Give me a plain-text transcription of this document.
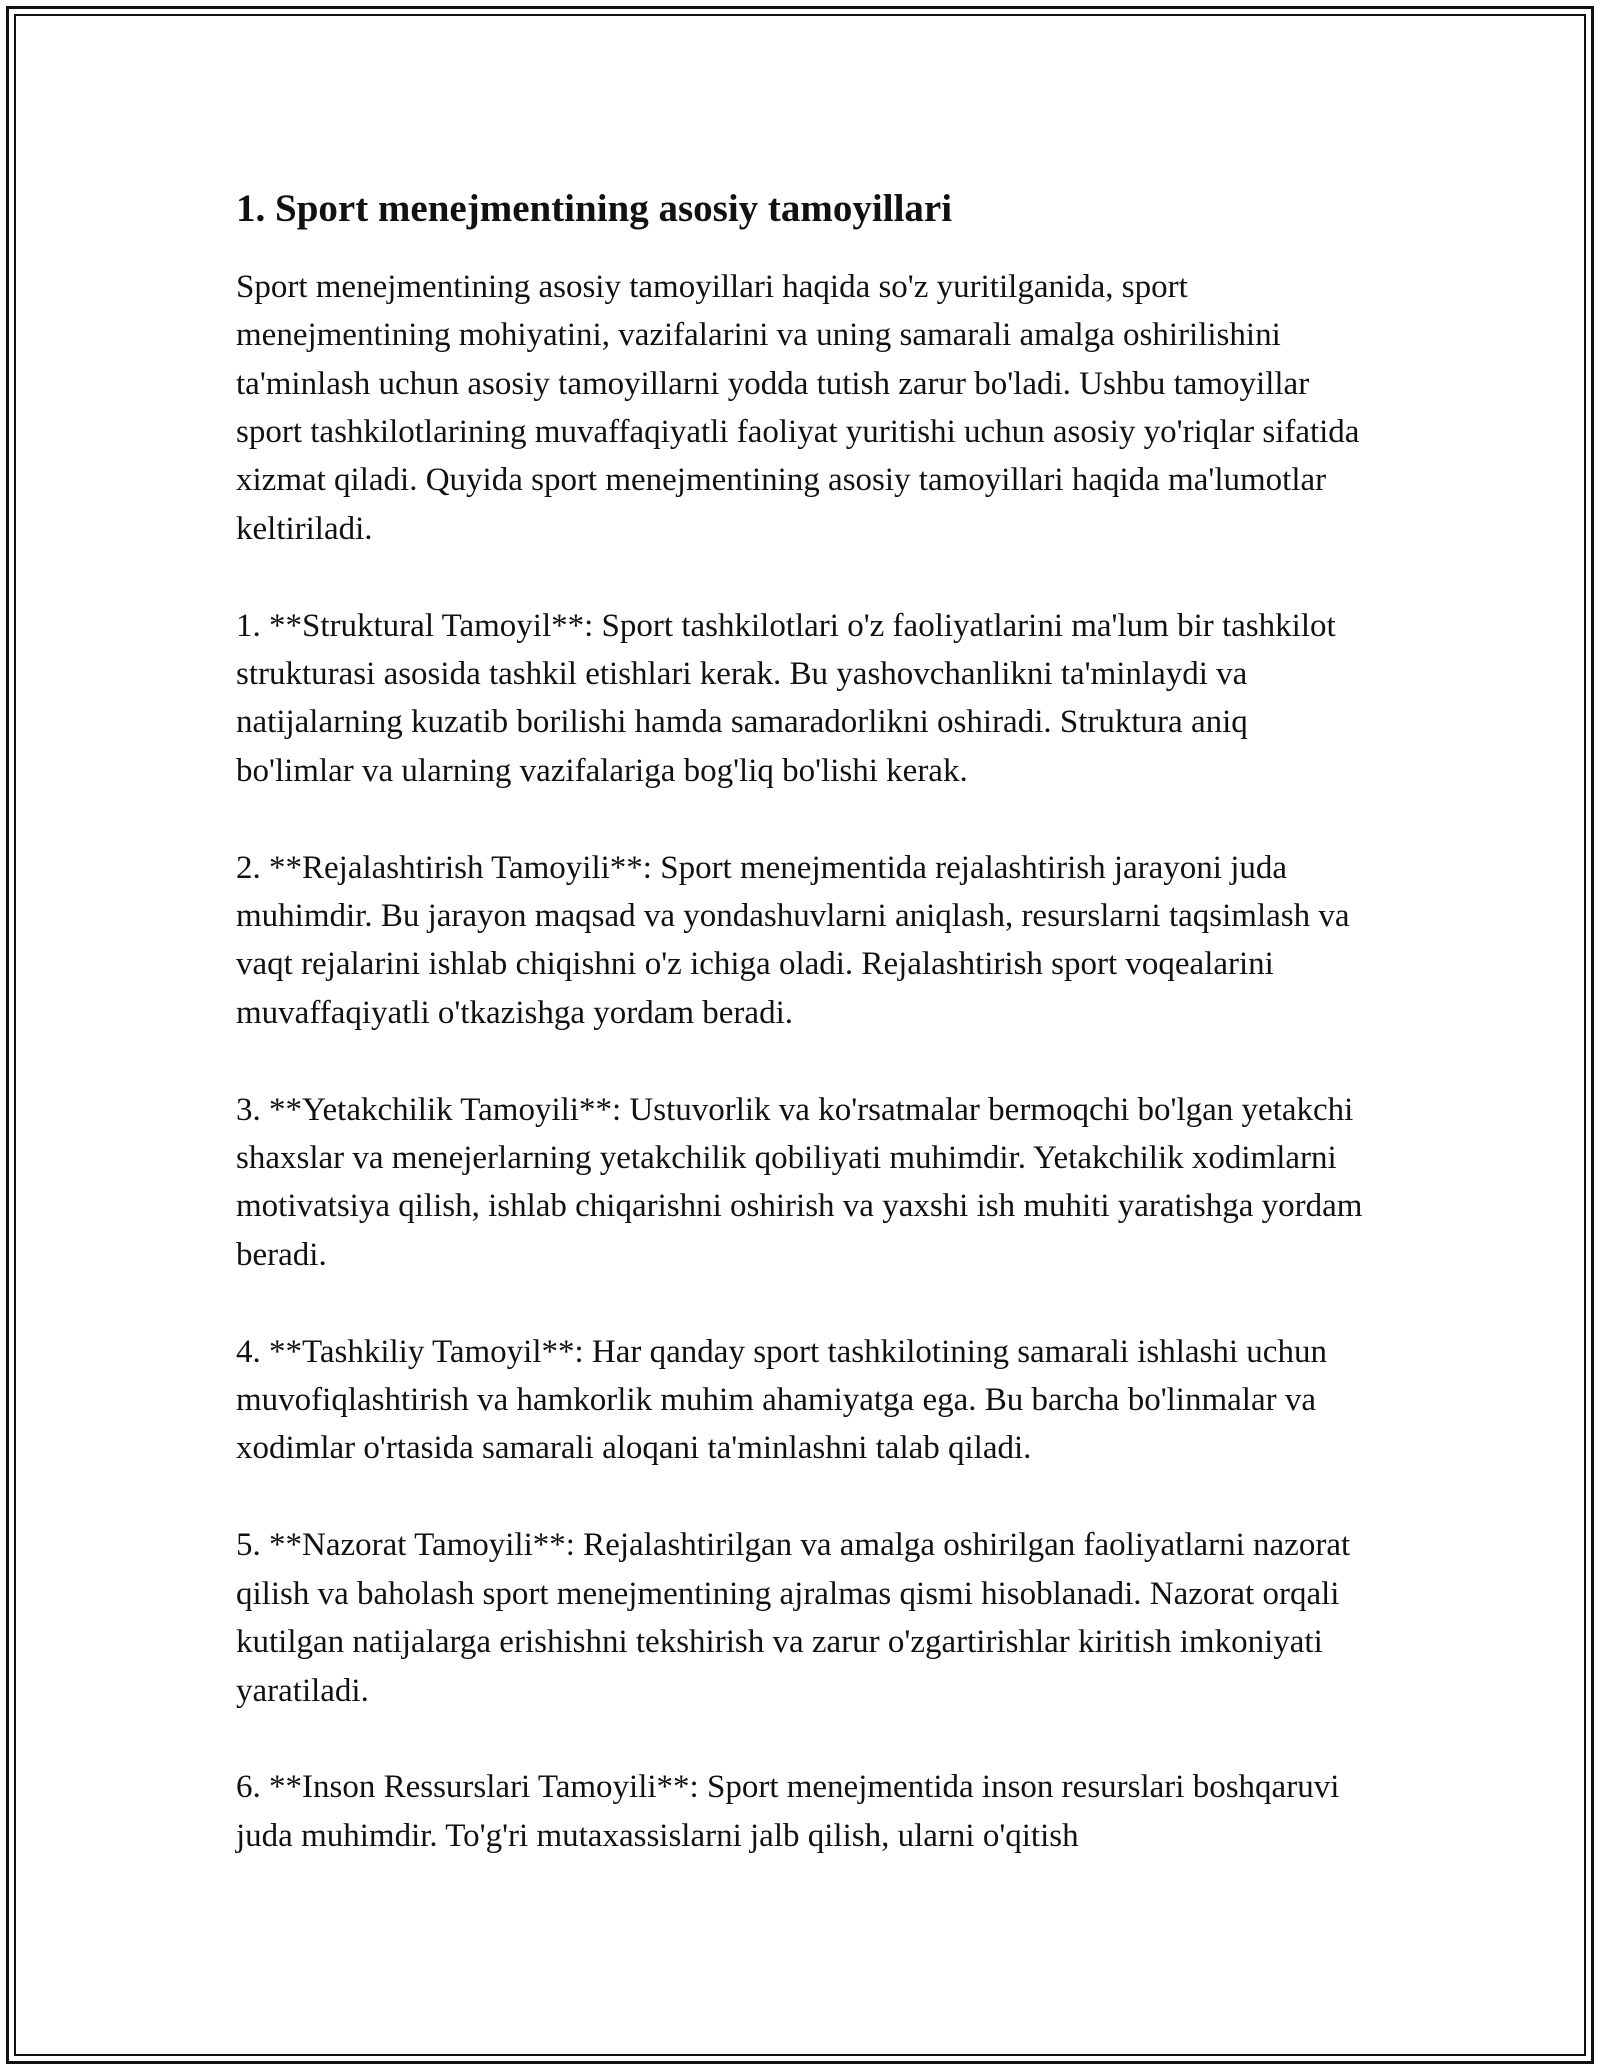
1. Sport menejmentining asosiy tamoyillari

Sport menejmentining asosiy tamoyillari haqida so'z yuritilganida, sport menejmentining mohiyatini, vazifalarini va uning samarali amalga oshirilishini ta'minlash uchun asosiy tamoyillarni yodda tutish zarur bo'ladi. Ushbu tamoyillar sport tashkilotlarining muvaffaqiyatli faoliyat yuritishi uchun asosiy yo'riqlar sifatida xizmat qiladi. Quyida sport menejmentining asosiy tamoyillari haqida ma'lumotlar keltiriladi.

1. **Struktural Tamoyil**: Sport tashkilotlari o'z faoliyatlarini ma'lum bir tashkilot strukturasi asosida tashkil etishlari kerak. Bu yashovchanlikni ta'minlaydi va natijalarning kuzatib borilishi hamda samaradorlikni oshiradi. Struktura aniq bo'limlar va ularning vazifalariga bog'liq bo'lishi kerak.

2. **Rejalashtirish Tamoyili**: Sport menejmentida rejalashtirish jarayoni juda muhimdir. Bu jarayon maqsad va yondashuvlarni aniqlash, resurslarni taqsimlash va vaqt rejalarini ishlab chiqishni o'z ichiga oladi. Rejalashtirish sport voqealarini muvaffaqiyatli o'tkazishga yordam beradi.

3. **Yetakchilik Tamoyili**: Ustuvorlik va ko'rsatmalar bermoqchi bo'lgan yetakchi shaxslar va menejerlarning yetakchilik qobiliyati muhimdir. Yetakchilik xodimlarni motivatsiya qilish, ishlab chiqarishni oshirish va yaxshi ish muhiti yaratishga yordam beradi.

4. **Tashkiliy Tamoyil**: Har qanday sport tashkilotining samarali ishlashi uchun muvofiqlashtirish va hamkorlik muhim ahamiyatga ega. Bu barcha bo'linmalar va xodimlar o'rtasida samarali aloqani ta'minlashni talab qiladi.

5. **Nazorat Tamoyili**: Rejalashtirilgan va amalga oshirilgan faoliyatlarni nazorat qilish va baholash sport menejmentining ajralmas qismi hisoblanadi. Nazorat orqali kutilgan natijalarga erishishni tekshirish va zarur o'zgartirishlar kiritish imkoniyati yaratiladi.

6. **Inson Ressurslari Tamoyili**: Sport menejmentida inson resurslari boshqaruvi juda muhimdir. To'g'ri mutaxassislarni jalb qilish, ularni o'qitish
